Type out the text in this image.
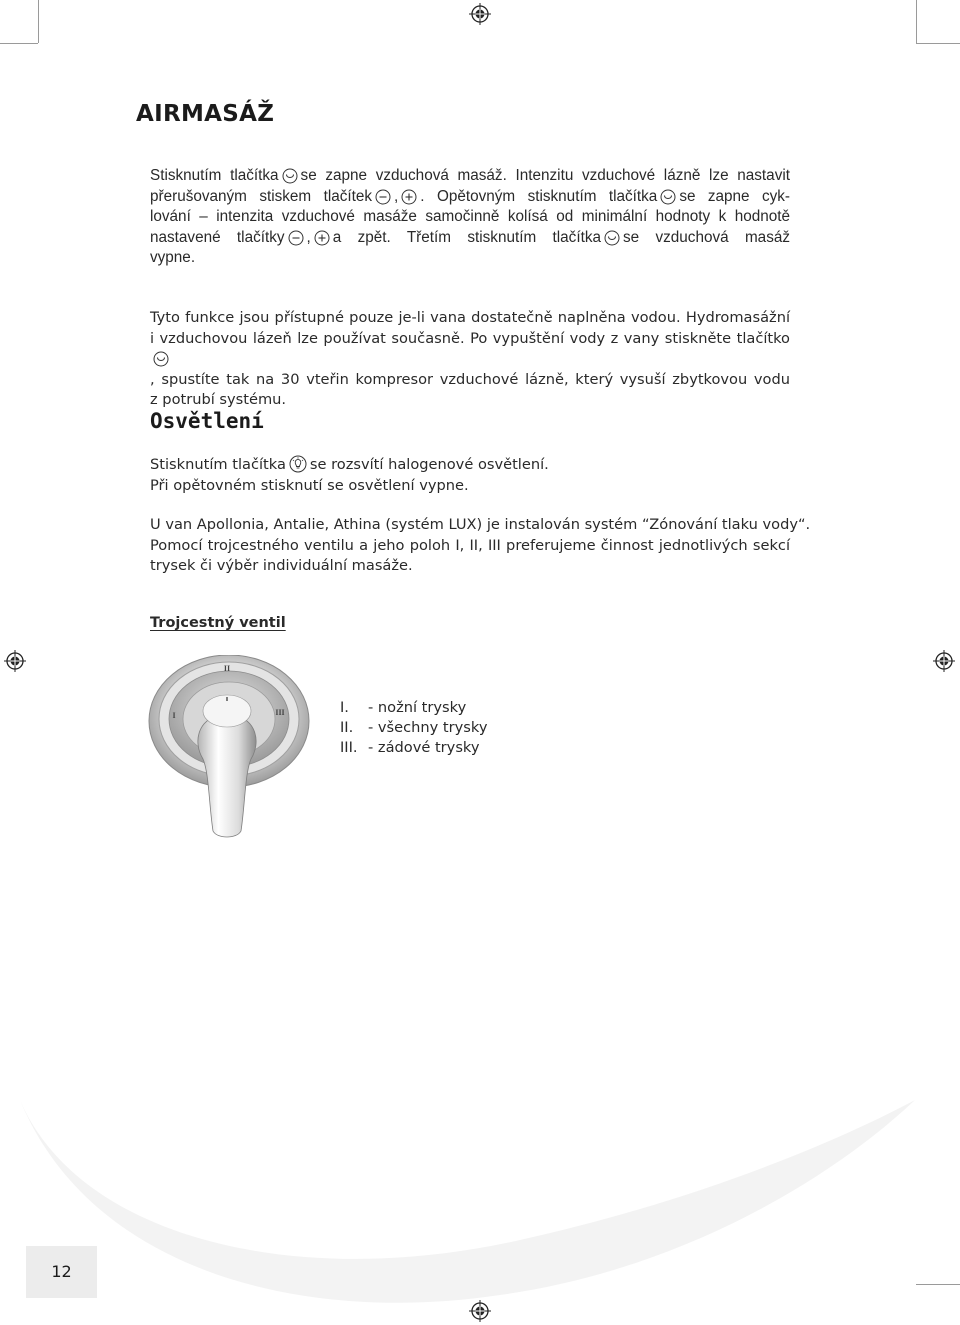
AIRMASÁŽ
Stisknutím tlačítka se zapne vzduchová masáž. Intenzitu vzduchové lázně lze nastavit
přerušovaným stiskem tlačítek , . Opětovným stisknutím tlačítka se zapne cyk-
lování – intenzita vzduchové masáže samočinně kolísá od minimální hodnoty k hodnotě
nastavené tlačítky , a zpět. Třetím stisknutím tlačítka se vzduchová masáž
vypne.
Tyto funkce jsou přístupné pouze je-li vana dostatečně naplněna vodou. Hydromasážní
i vzduchovou lázeň lze používat současně. Po vypuštění vody z vany stiskněte tlačítko
, spustíte tak na 30 vteřin kompresor vzduchové lázně, který vysuší zbytkovou vodu
z potrubí systému.
Osvětlení
Stisknutím tlačítka se rozsvítí halogenové osvětlení.
Při opětovném stisknutí se osvětlení vypne.
U van Apollonia, Antalie, Athina (systém LUX) je instalován systém “Zónování tlaku vody“.
Pomocí trojcestného ventilu a jeho poloh I, II, III preferujeme činnost jednotlivých sekcí
trysek či výběr individuální masáže.
Trojcestný ventil
II
I	III	I.	- nožní trysky
II.	- všechny trysky
III. - zádové trysky
12
